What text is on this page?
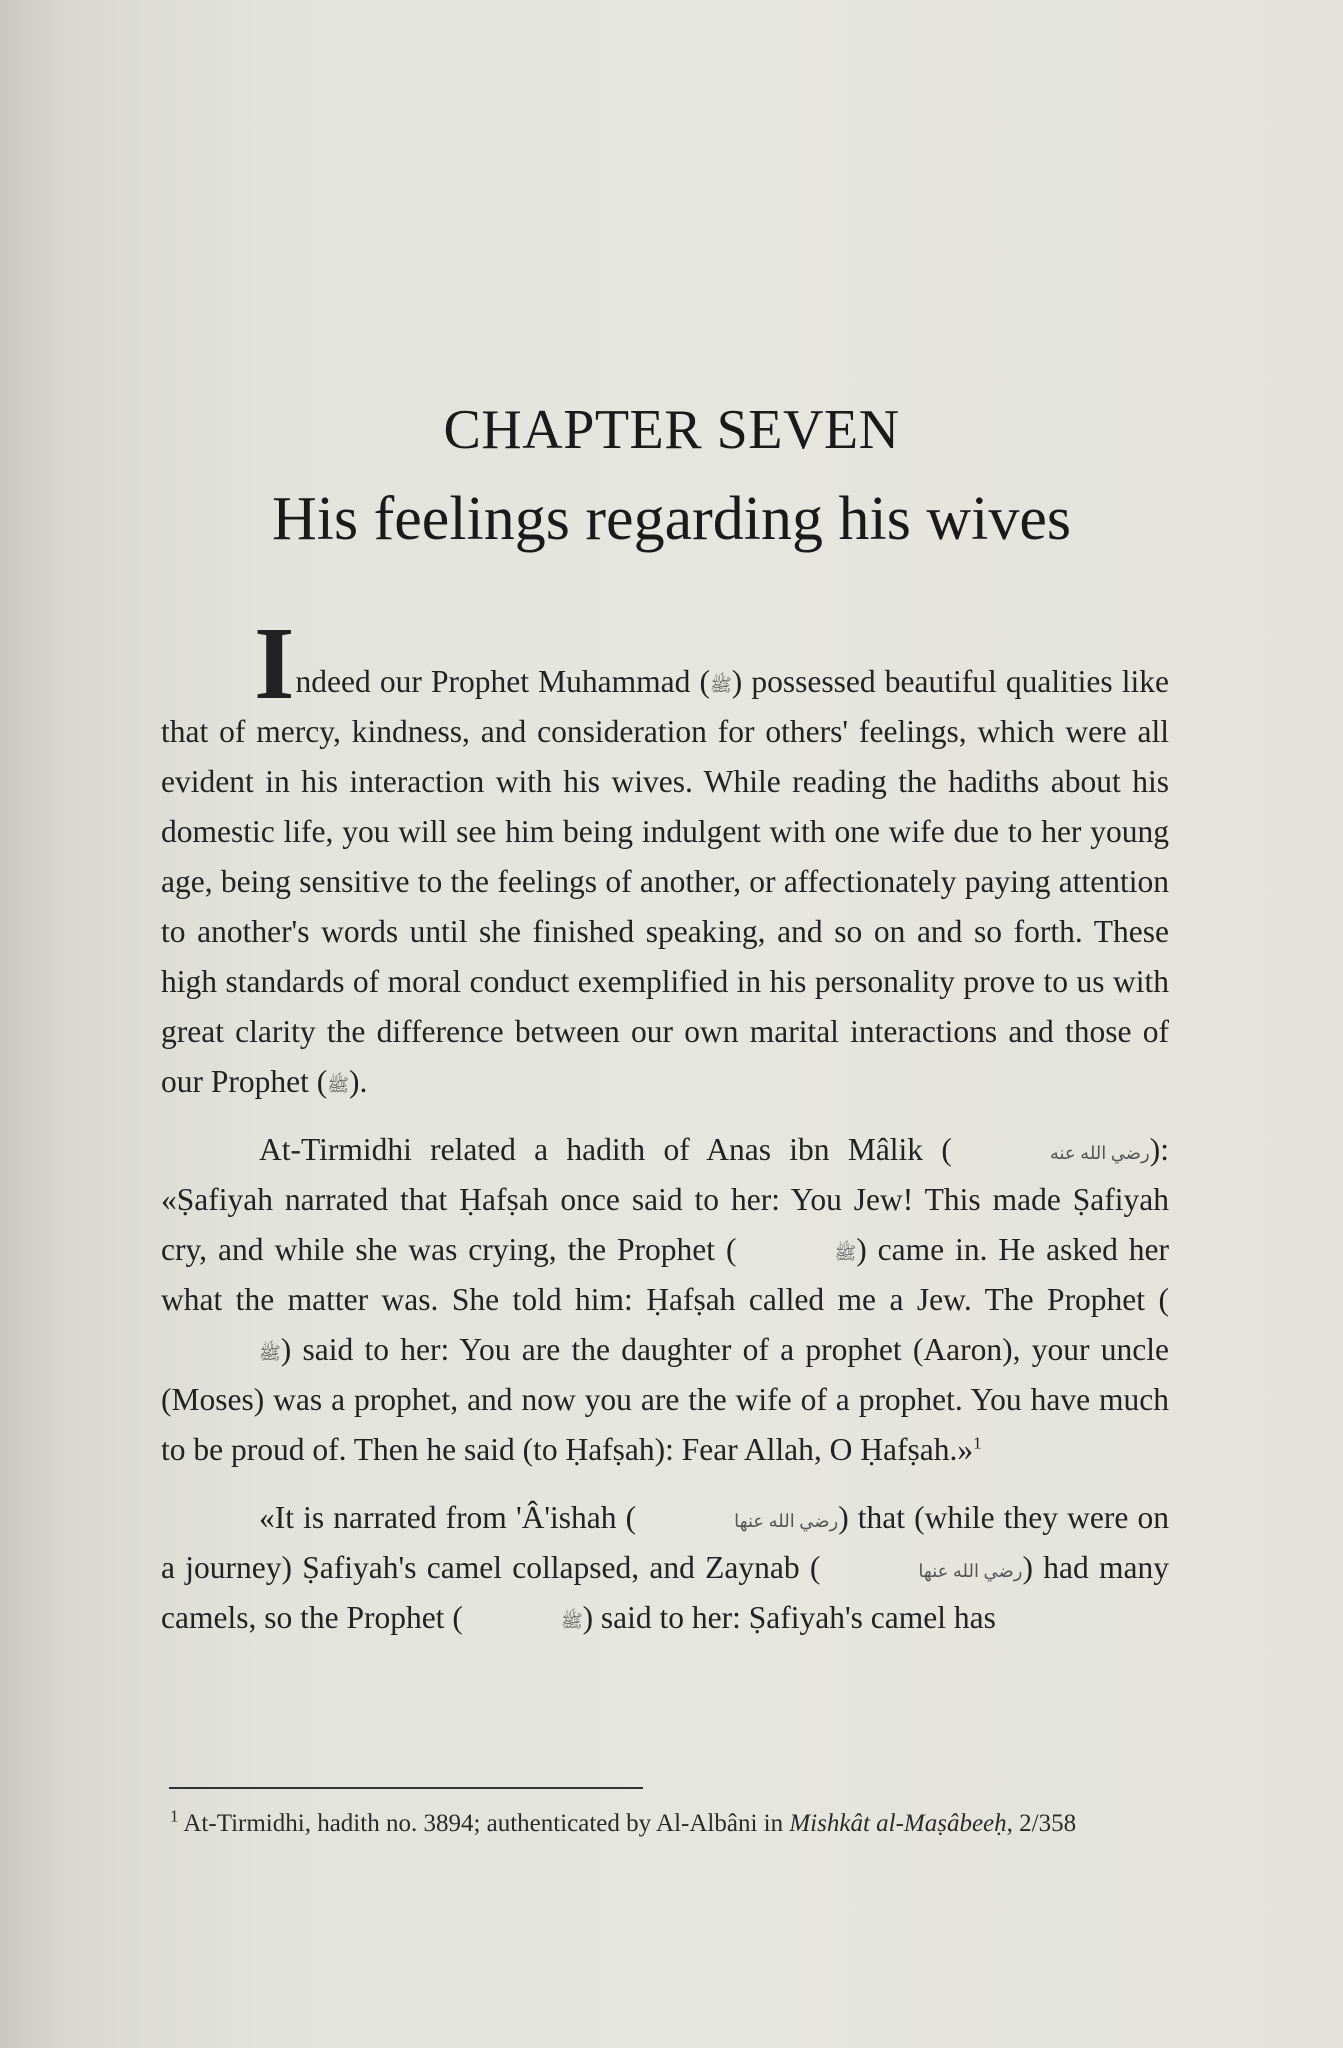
CHAPTER SEVEN
His feelings regarding his wives

Indeed our Prophet Muhammad (ﷺ) possessed beautiful qualities like that of mercy, kindness, and consideration for others' feelings, which were all evident in his interaction with his wives. While reading the hadiths about his domestic life, you will see him being indulgent with one wife due to her young age, being sensitive to the feelings of another, or affectionately paying attention to another's words until she finished speaking, and so on and so forth. These high standards of moral conduct exemplified in his personality prove to us with great clarity the difference between our own marital interactions and those of our Prophet (ﷺ).

At-Tirmidhi related a hadith of Anas ibn Mâlik (	رضي الله عنه): «Ṣafiyah narrated that Ḥafṣah once said to her: You Jew! This made Ṣafiyah cry, and while she was crying, the Prophet (	ﷺ) came in. He asked her what the matter was. She told him: Ḥafṣah called me a Jew. The Prophet (ﷺ) said to her: You are the daughter of a prophet (Aaron), your uncle (Moses) was a prophet, and now you are the wife of a prophet. You have much to be proud of. Then he said (to Ḥafṣah): Fear Allah, O Ḥafṣah.»$^1$

«It is narrated from 'Â'ishah (	رضي الله عنها) that (while they were on a journey) Ṣafiyah's camel collapsed, and Zaynab (	رضي الله عنها) had many camels, so the Prophet (	ﷺ) said to her: Ṣafiyah's camel has

$^1$ At-Tirmidhi, hadith no. 3894; authenticated by Al-Albâni in Mishkât al-Maṣâbeeḥ, 2/358
